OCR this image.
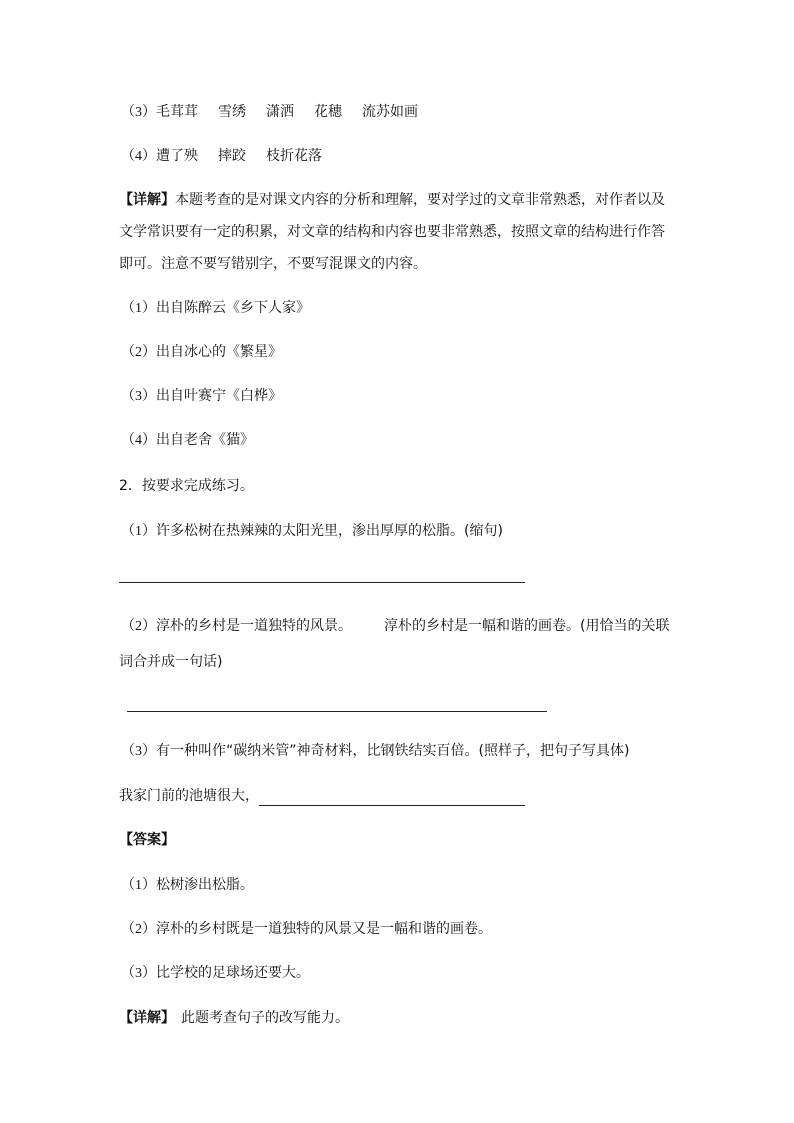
（3）毛茸茸 雪绣 潇洒 花穗 流苏如画
（4）遭了殃 摔跤 枝折花落
【详解】本题考查的是对课文内容的分析和理解，要对学过的文章非常熟悉，对作者以及
文学常识要有一定的积累，对文章的结构和内容也要非常熟悉，按照文章的结构进行作答
即可。注意不要写错别字，不要写混课文的内容。
（1）出自陈醉云《乡下人家》
（2）出自冰心的《繁星》
（3）出自叶赛宁《白桦》
（4）出自老舍《猫》
2．按要求完成练习。
（1）许多松树在热辣辣的太阳光里，渗出厚厚的松脂。(缩句)
（2）淳朴的乡村是一道独特的风景。 淳朴的乡村是一幅和谐的画卷。(用恰当的关联
词合并成一句话)
（3）有一种叫作“碳纳米管”神奇材料，比钢铁结实百倍。(照样子，把句子写具体)
我家门前的池塘很大，
【答案】
（1）松树渗出松脂。
（2）淳朴的乡村既是一道独特的风景又是一幅和谐的画卷。
（3）比学校的足球场还要大。
【详解】 此题考查句子的改写能力。
